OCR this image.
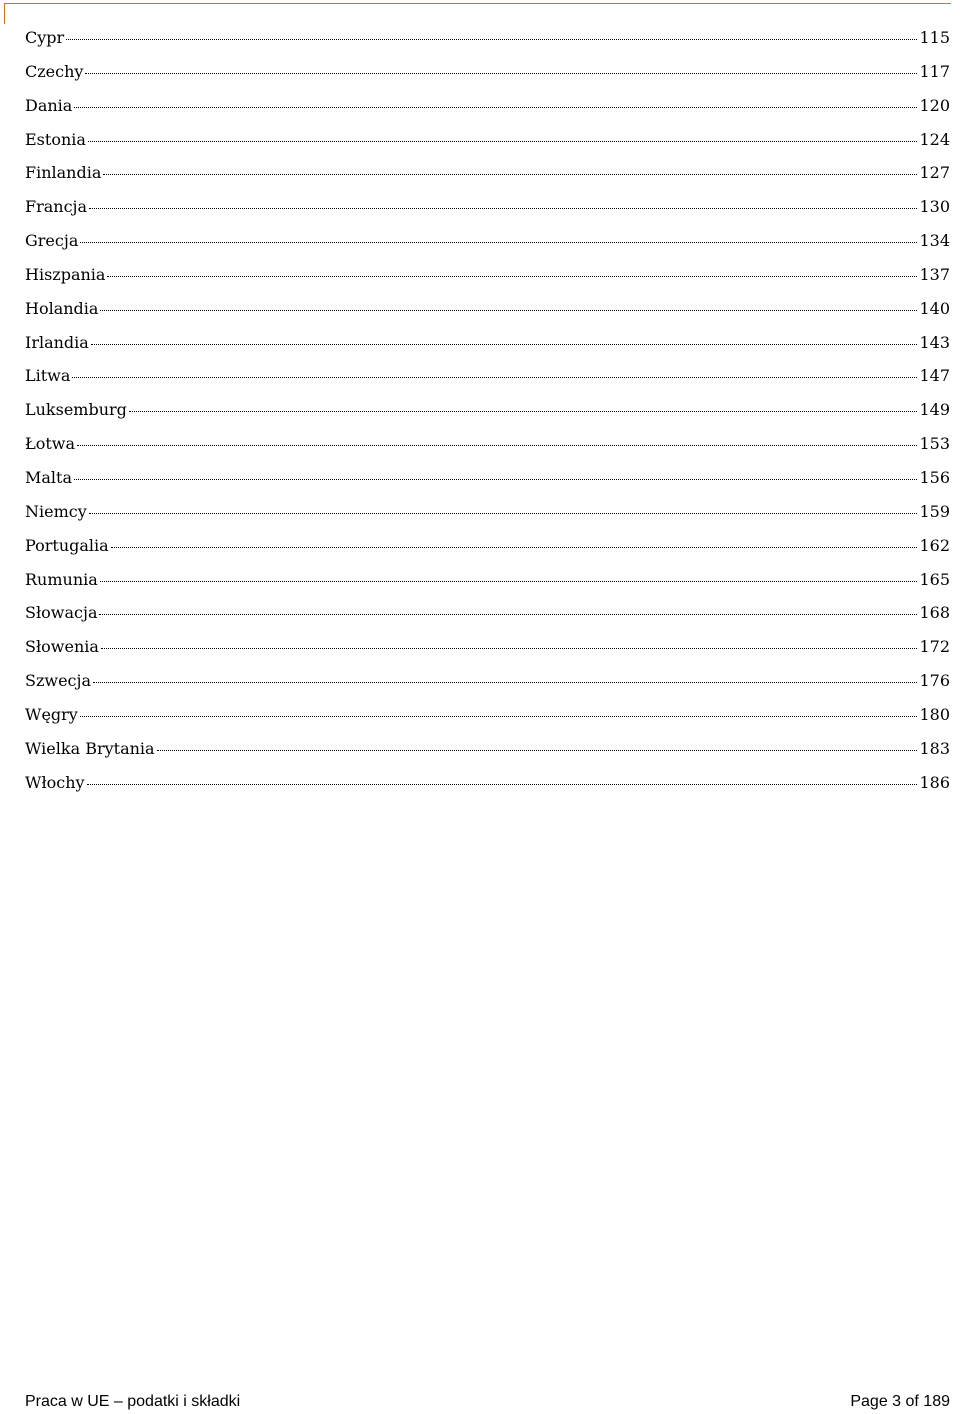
Cypr	115
Czechy	117
Dania	120
Estonia	124
Finlandia	127
Francja	130
Grecja	134
Hiszpania	137
Holandia	140
Irlandia	143
Litwa	147
Luksemburg	149
Łotwa	153
Malta	156
Niemcy	159
Portugalia	162
Rumunia	165
Słowacja	168
Słowenia	172
Szwecja	176
Węgry	180
Wielka Brytania	183
Włochy	186
Praca w UE – podatki i składki	Page 3 of 189
